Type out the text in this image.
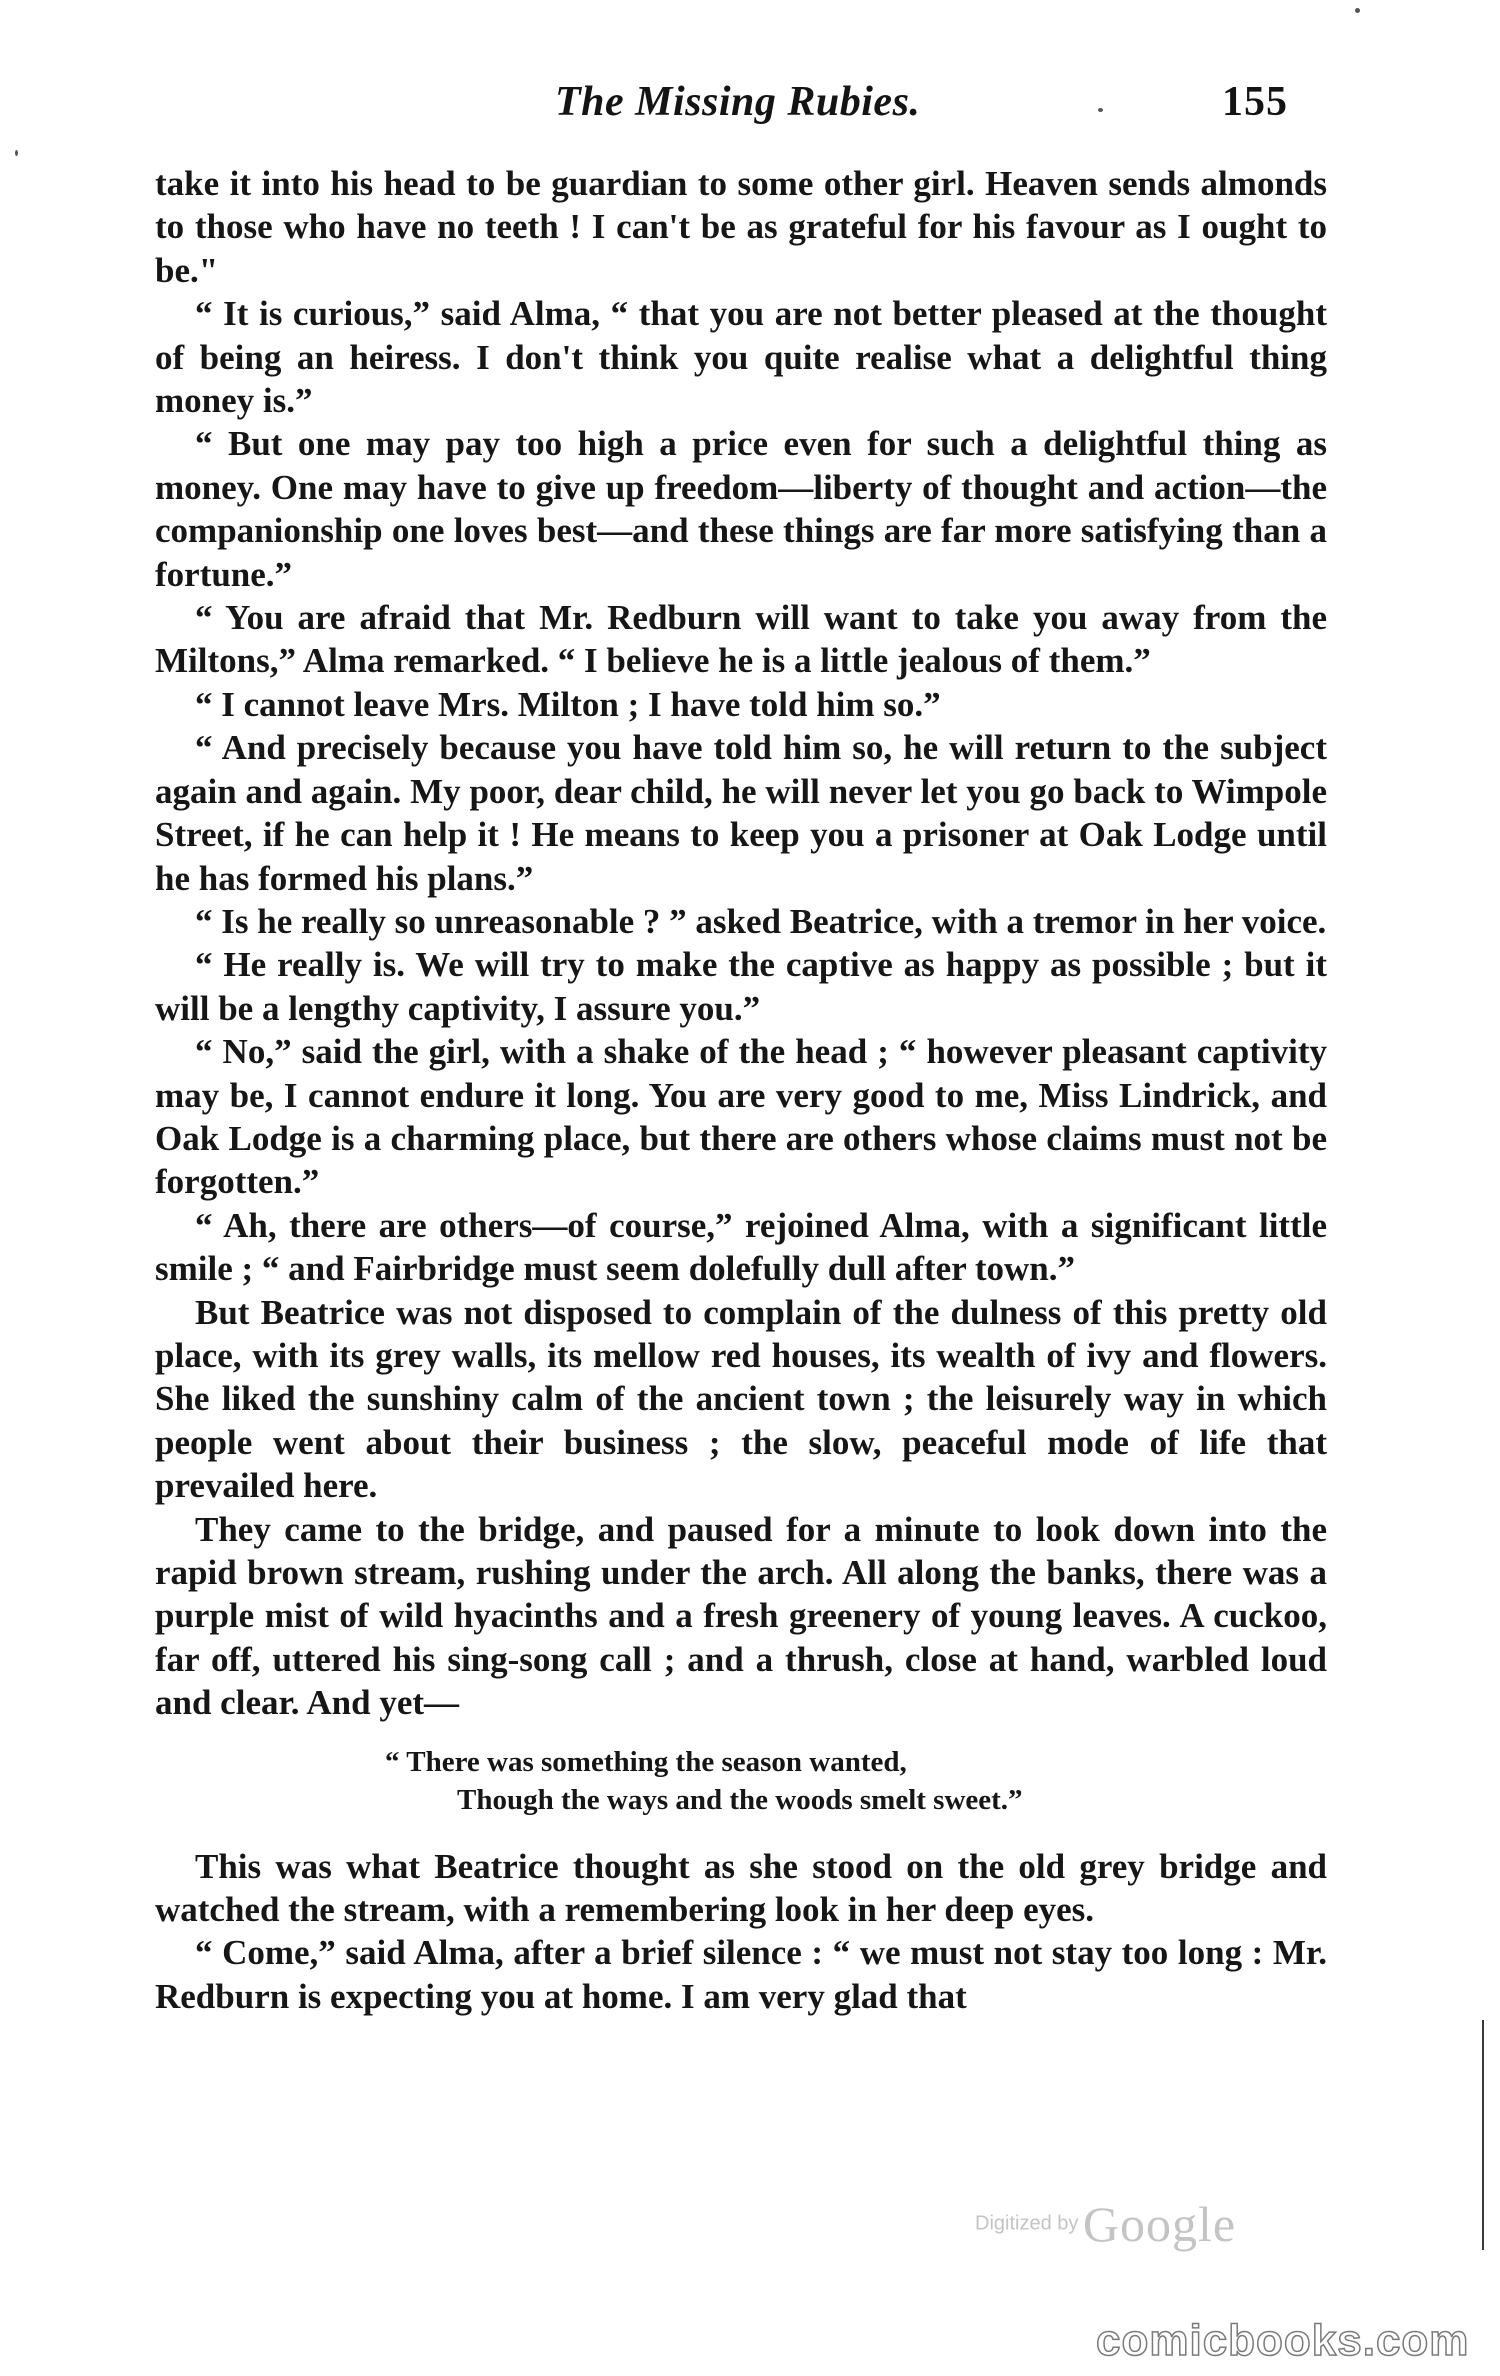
The Missing Rubies.	155

take it into his head to be guardian to some other girl. Heaven sends almonds to those who have no teeth ! I can't be as grateful for his favour as I ought to be."

“ It is curious,” said Alma, “ that you are not better pleased at the thought of being an heiress. I don't think you quite realise what a delightful thing money is.”

“ But one may pay too high a price even for such a delightful thing as money. One may have to give up freedom—liberty of thought and action—the companionship one loves best—and these things are far more satisfying than a fortune.”

“ You are afraid that Mr. Redburn will want to take you away from the Miltons,” Alma remarked. “ I believe he is a little jealous of them.”

“ I cannot leave Mrs. Milton ; I have told him so.”

“ And precisely because you have told him so, he will return to the subject again and again. My poor, dear child, he will never let you go back to Wimpole Street, if he can help it ! He means to keep you a prisoner at Oak Lodge until he has formed his plans.”

“ Is he really so unreasonable ? ” asked Beatrice, with a tremor in her voice.

“ He really is. We will try to make the captive as happy as possible ; but it will be a lengthy captivity, I assure you.”

“ No,” said the girl, with a shake of the head ; “ however pleasant captivity may be, I cannot endure it long. You are very good to me, Miss Lindrick, and Oak Lodge is a charming place, but there are others whose claims must not be forgotten.”

“ Ah, there are others—of course,” rejoined Alma, with a significant little smile ; “ and Fairbridge must seem dolefully dull after town.”

But Beatrice was not disposed to complain of the dulness of this pretty old place, with its grey walls, its mellow red houses, its wealth of ivy and flowers. She liked the sunshiny calm of the ancient town ; the leisurely way in which people went about their business ; the slow, peaceful mode of life that prevailed here.

They came to the bridge, and paused for a minute to look down into the rapid brown stream, rushing under the arch. All along the banks, there was a purple mist of wild hyacinths and a fresh greenery of young leaves. A cuckoo, far off, uttered his sing-song call ; and a thrush, close at hand, warbled loud and clear. And yet—

“ There was something the season wanted,
Though the ways and the woods smelt sweet.”

This was what Beatrice thought as she stood on the old grey bridge and watched the stream, with a remembering look in her deep eyes.

“ Come,” said Alma, after a brief silence : “ we must not stay too long : Mr. Redburn is expecting you at home. I am very glad that

Digitized by Google
comicbooks.com
